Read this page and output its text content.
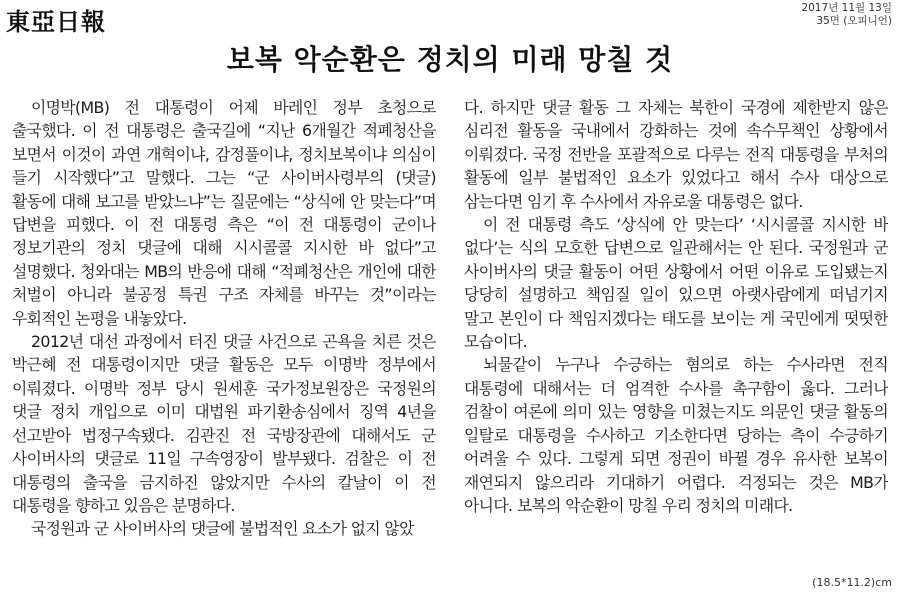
東亞日報	2017년 11월 13일
35면 (오피니언)
보복 악순환은 정치의 미래 망칠 것

이명박(MB) 전 대통령이 어제 바레인 정부 초청으로 출국했다. 이 전 대통령은 출국길에 “지난 6개월간 적폐청산을 보면서 이것이 과연 개혁이냐, 감정풀이냐, 정치보복이냐 의심이 들기 시작했다”고 말했다. 그는 “군 사이버사령부의 (댓글) 활동에 대해 보고를 받았느냐”는 질문에는 “상식에 안 맞는다”며 답변을 피했다. 이 전 대통령 측은 “이 전 대통령이 군이나 정보기관의 정치 댓글에 대해 시시콜콜 지시한 바 없다”고 설명했다. 청와대는 MB의 반응에 대해 “적폐청산은 개인에 대한 처벌이 아니라 불공정 특권 구조 자체를 바꾸는 것”이라는 우회적인 논평을 내놓았다.

2012년 대선 과정에서 터진 댓글 사건으로 곤욕을 치른 것은 박근혜 전 대통령이지만 댓글 활동은 모두 이명박 정부에서 이뤄졌다. 이명박 정부 당시 원세훈 국가정보원장은 국정원의 댓글 정치 개입으로 이미 대법원 파기환송심에서 징역 4년을 선고받아 법정구속됐다. 김관진 전 국방장관에 대해서도 군 사이버사의 댓글로 11일 구속영장이 발부됐다. 검찰은 이 전 대통령의 출국을 금지하진 않았지만 수사의 칼날이 이 전 대통령을 향하고 있음은 분명하다.

국정원과 군 사이버사의 댓글에 불법적인 요소가 없지 않았

다. 하지만 댓글 활동 그 자체는 북한이 국경에 제한받지 않은 심리전 활동을 국내에서 강화하는 것에 속수무책인 상황에서 이뤄졌다. 국정 전반을 포괄적으로 다루는 전직 대통령을 부처의 활동에 일부 불법적인 요소가 있었다고 해서 수사 대상으로 삼는다면 임기 후 수사에서 자유로울 대통령은 없다.

이 전 대통령 측도 ‘상식에 안 맞는다’ ‘시시콜콜 지시한 바 없다’는 식의 모호한 답변으로 일관해서는 안 된다. 국정원과 군 사이버사의 댓글 활동이 어떤 상황에서 어떤 이유로 도입됐는지 당당히 설명하고 책임질 일이 있으면 아랫사람에게 떠넘기지 말고 본인이 다 책임지겠다는 태도를 보이는 게 국민에게 떳떳한 모습이다.

뇌물같이 누구나 수긍하는 혐의로 하는 수사라면 전직 대통령에 대해서는 더 엄격한 수사를 촉구함이 옳다. 그러나 검찰이 여론에 의미 있는 영향을 미쳤는지도 의문인 댓글 활동의 일탈로 대통령을 수사하고 기소한다면 당하는 측이 수긍하기 어려울 수 있다. 그렇게 되면 정권이 바뀔 경우 유사한 보복이 재연되지 않으리라 기대하기 어렵다. 걱정되는 것은 MB가 아니다. 보복의 악순환이 망칠 우리 정치의 미래다.

(18.5*11.2)cm
